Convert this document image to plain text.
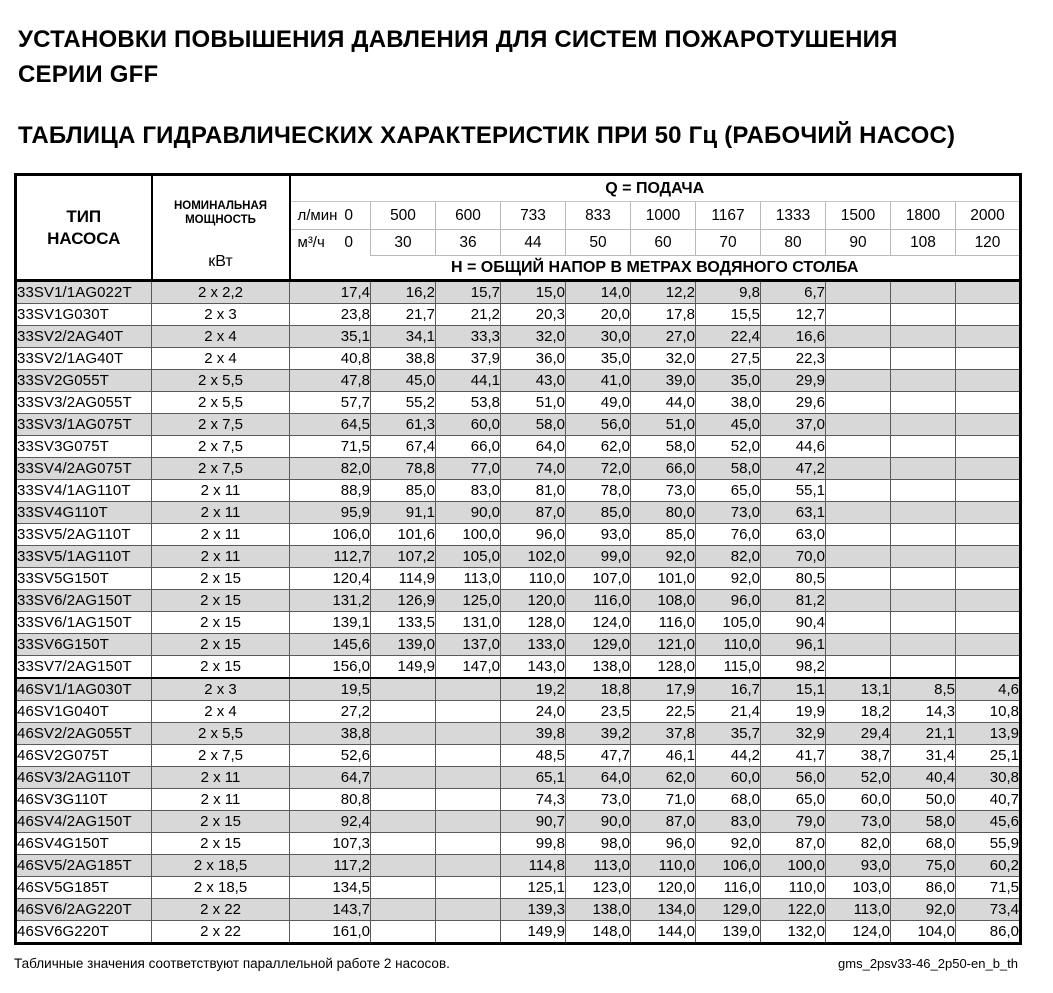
УСТАНОВКИ ПОВЫШЕНИЯ ДАВЛЕНИЯ ДЛЯ СИСТЕМ ПОЖАРОТУШЕНИЯ
СЕРИИ GFF
ТАБЛИЦА ГИДРАВЛИЧЕСКИХ ХАРАКТЕРИСТИК ПРИ 50 Гц (РАБОЧИЙ НАСОС)
ТИП НАСОСА	НОМИНАЛЬНАЯ МОЩНОСТЬ
кВт	Q = ПОДАЧА										

		л/мин 0	500	600	733	833	1000	1167	1333	1500	1800	2000

		м³/ч 0	30	36	44	50	60	70	80	90	108	120
		Н = ОБЩИЙ НАПОР В МЕТРАХ ВОДЯНОГО СТОЛБА										
33SV1/1AG022T	2 x 2,2	17,4	16,2	15,7	15,0	14,0	12,2	9,8	6,7			
33SV1G030T	2 x 3	23,8	21,7	21,2	20,3	20,0	17,8	15,5	12,7			
33SV2/2AG40T	2 x 4	35,1	34,1	33,3	32,0	30,0	27,0	22,4	16,6			
33SV2/1AG40T	2 x 4	40,8	38,8	37,9	36,0	35,0	32,0	27,5	22,3			
33SV2G055T	2 x 5,5	47,8	45,0	44,1	43,0	41,0	39,0	35,0	29,9			
33SV3/2AG055T	2 x 5,5	57,7	55,2	53,8	51,0	49,0	44,0	38,0	29,6			
33SV3/1AG075T	2 x 7,5	64,5	61,3	60,0	58,0	56,0	51,0	45,0	37,0			
33SV3G075T	2 x 7,5	71,5	67,4	66,0	64,0	62,0	58,0	52,0	44,6			
33SV4/2AG075T	2 x 7,5	82,0	78,8	77,0	74,0	72,0	66,0	58,0	47,2			
33SV4/1AG110T	2 x 11	88,9	85,0	83,0	81,0	78,0	73,0	65,0	55,1			
33SV4G110T	2 x 11	95,9	91,1	90,0	87,0	85,0	80,0	73,0	63,1			
33SV5/2AG110T	2 x 11	106,0	101,6	100,0	96,0	93,0	85,0	76,0	63,0			
33SV5/1AG110T	2 x 11	112,7	107,2	105,0	102,0	99,0	92,0	82,0	70,0			
33SV5G150T	2 x 15	120,4	114,9	113,0	110,0	107,0	101,0	92,0	80,5			
33SV6/2AG150T	2 x 15	131,2	126,9	125,0	120,0	116,0	108,0	96,0	81,2			
33SV6/1AG150T	2 x 15	139,1	133,5	131,0	128,0	124,0	116,0	105,0	90,4			
33SV6G150T	2 x 15	145,6	139,0	137,0	133,0	129,0	121,0	110,0	96,1			
33SV7/2AG150T	2 x 15	156,0	149,9	147,0	143,0	138,0	128,0	115,0	98,2			
46SV1/1AG030T	2 x 3	19,5			19,2	18,8	17,9	16,7	15,1	13,1	8,5	4,6
46SV1G040T	2 x 4	27,2			24,0	23,5	22,5	21,4	19,9	18,2	14,3	10,8
46SV2/2AG055T	2 x 5,5	38,8			39,8	39,2	37,8	35,7	32,9	29,4	21,1	13,9
46SV2G075T	2 x 7,5	52,6			48,5	47,7	46,1	44,2	41,7	38,7	31,4	25,1
46SV3/2AG110T	2 x 11	64,7			65,1	64,0	62,0	60,0	56,0	52,0	40,4	30,8
46SV3G110T	2 x 11	80,8			74,3	73,0	71,0	68,0	65,0	60,0	50,0	40,7
46SV4/2AG150T	2 x 15	92,4			90,7	90,0	87,0	83,0	79,0	73,0	58,0	45,6
46SV4G150T	2 x 15	107,3			99,8	98,0	96,0	92,0	87,0	82,0	68,0	55,9
46SV5/2AG185T	2 x 18,5	117,2			114,8	113,0	110,0	106,0	100,0	93,0	75,0	60,2
46SV5G185T	2 x 18,5	134,5			125,1	123,0	120,0	116,0	110,0	103,0	86,0	71,5
46SV6/2AG220T	2 x 22	143,7			139,3	138,0	134,0	129,0	122,0	113,0	92,0	73,4
46SV6G220T	2 x 22	161,0			149,9	148,0	144,0	139,0	132,0	124,0	104,0	86,0
Табличные значения соответствуют параллельной работе 2 насосов.	gms_2psv33-46_2p50-en_b_th
